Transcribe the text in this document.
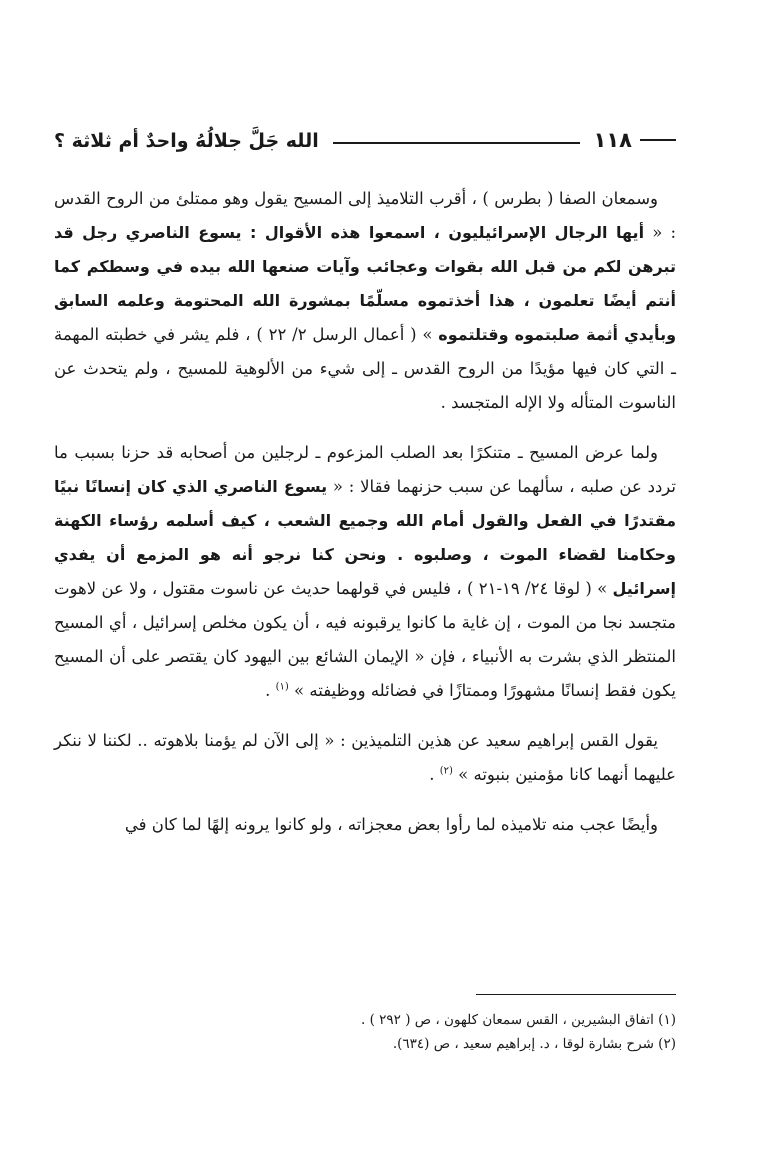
١١٨
الله جَلَّ جلالُهُ واحدٌ أم ثلاثة ؟

وسمعان الصفا ( بطرس ) ، أقرب التلاميذ إلى المسيح يقول وهو ممتلئ من الروح القدس : « أيها الرجال الإسرائيليون ، اسمعوا هذه الأقوال : يسوع الناصري رجل قد تبرهن لكم من قبل الله بقوات وعجائب وآيات صنعها الله بيده في وسطكم كما أنتم أيضًا تعلمون ، هذا أخذتموه مسلّمًا بمشورة الله المحتومة وعلمه السابق وبأيدي أثمة صلبتموه وقتلتموه » ( أعمال الرسل ٢/ ٢٢ ) ، فلم يشر في خطبته المهمة ـ التي كان فيها مؤيدًا من الروح القدس ـ إلى شيء من الألوهية للمسيح ، ولم يتحدث عن الناسوت المتأله ولا الإله المتجسد .

ولما عرض المسيح ـ متنكرًا بعد الصلب المزعوم ـ لرجلين من أصحابه قد حزنا بسبب ما تردد عن صلبه ، سألهما عن سبب حزنهما فقالا : « يسوع الناصري الذي كان إنسانًا نبيًا مقتدرًا في الفعل والقول أمام الله وجميع الشعب ، كيف أسلمه رؤساء الكهنة وحكامنا لقضاء الموت ، وصلبوه . ونحن كنا نرجو أنه هو المزمع أن يفدي إسرائيل » ( لوقا ٢٤/ ١٩-٢١ ) ، فليس في قولهما حديث عن ناسوت مقتول ، ولا عن لاهوت متجسد نجا من الموت ، إن غاية ما كانوا يرقبونه فيه ، أن يكون مخلص إسرائيل ، أي المسيح المنتظر الذي بشرت به الأنبياء ، فإن « الإيمان الشائع بين اليهود كان يقتصر على أن المسيح يكون فقط إنسانًا مشهورًا وممتازًا في فضائله ووظيفته » $^{(١)}$ .

يقول القس إبراهيم سعيد عن هذين التلميذين : « إلى الآن لم يؤمنا بلاهوته .. لكننا لا ننكر عليهما أنهما كانا مؤمنين بنبوته » $^{(٢)}$ .

وأيضًا عجب منه تلاميذه لما رأوا بعض معجزاته ، ولو كانوا يرونه إلهًا لما كان في

(١) اتفاق البشيرين ، القس سمعان كلهون ، ص ( ٢٩٢ ) .
(٢) شرح بشارة لوقا ، د. إبراهيم سعيد ، ص (٦٣٤).
